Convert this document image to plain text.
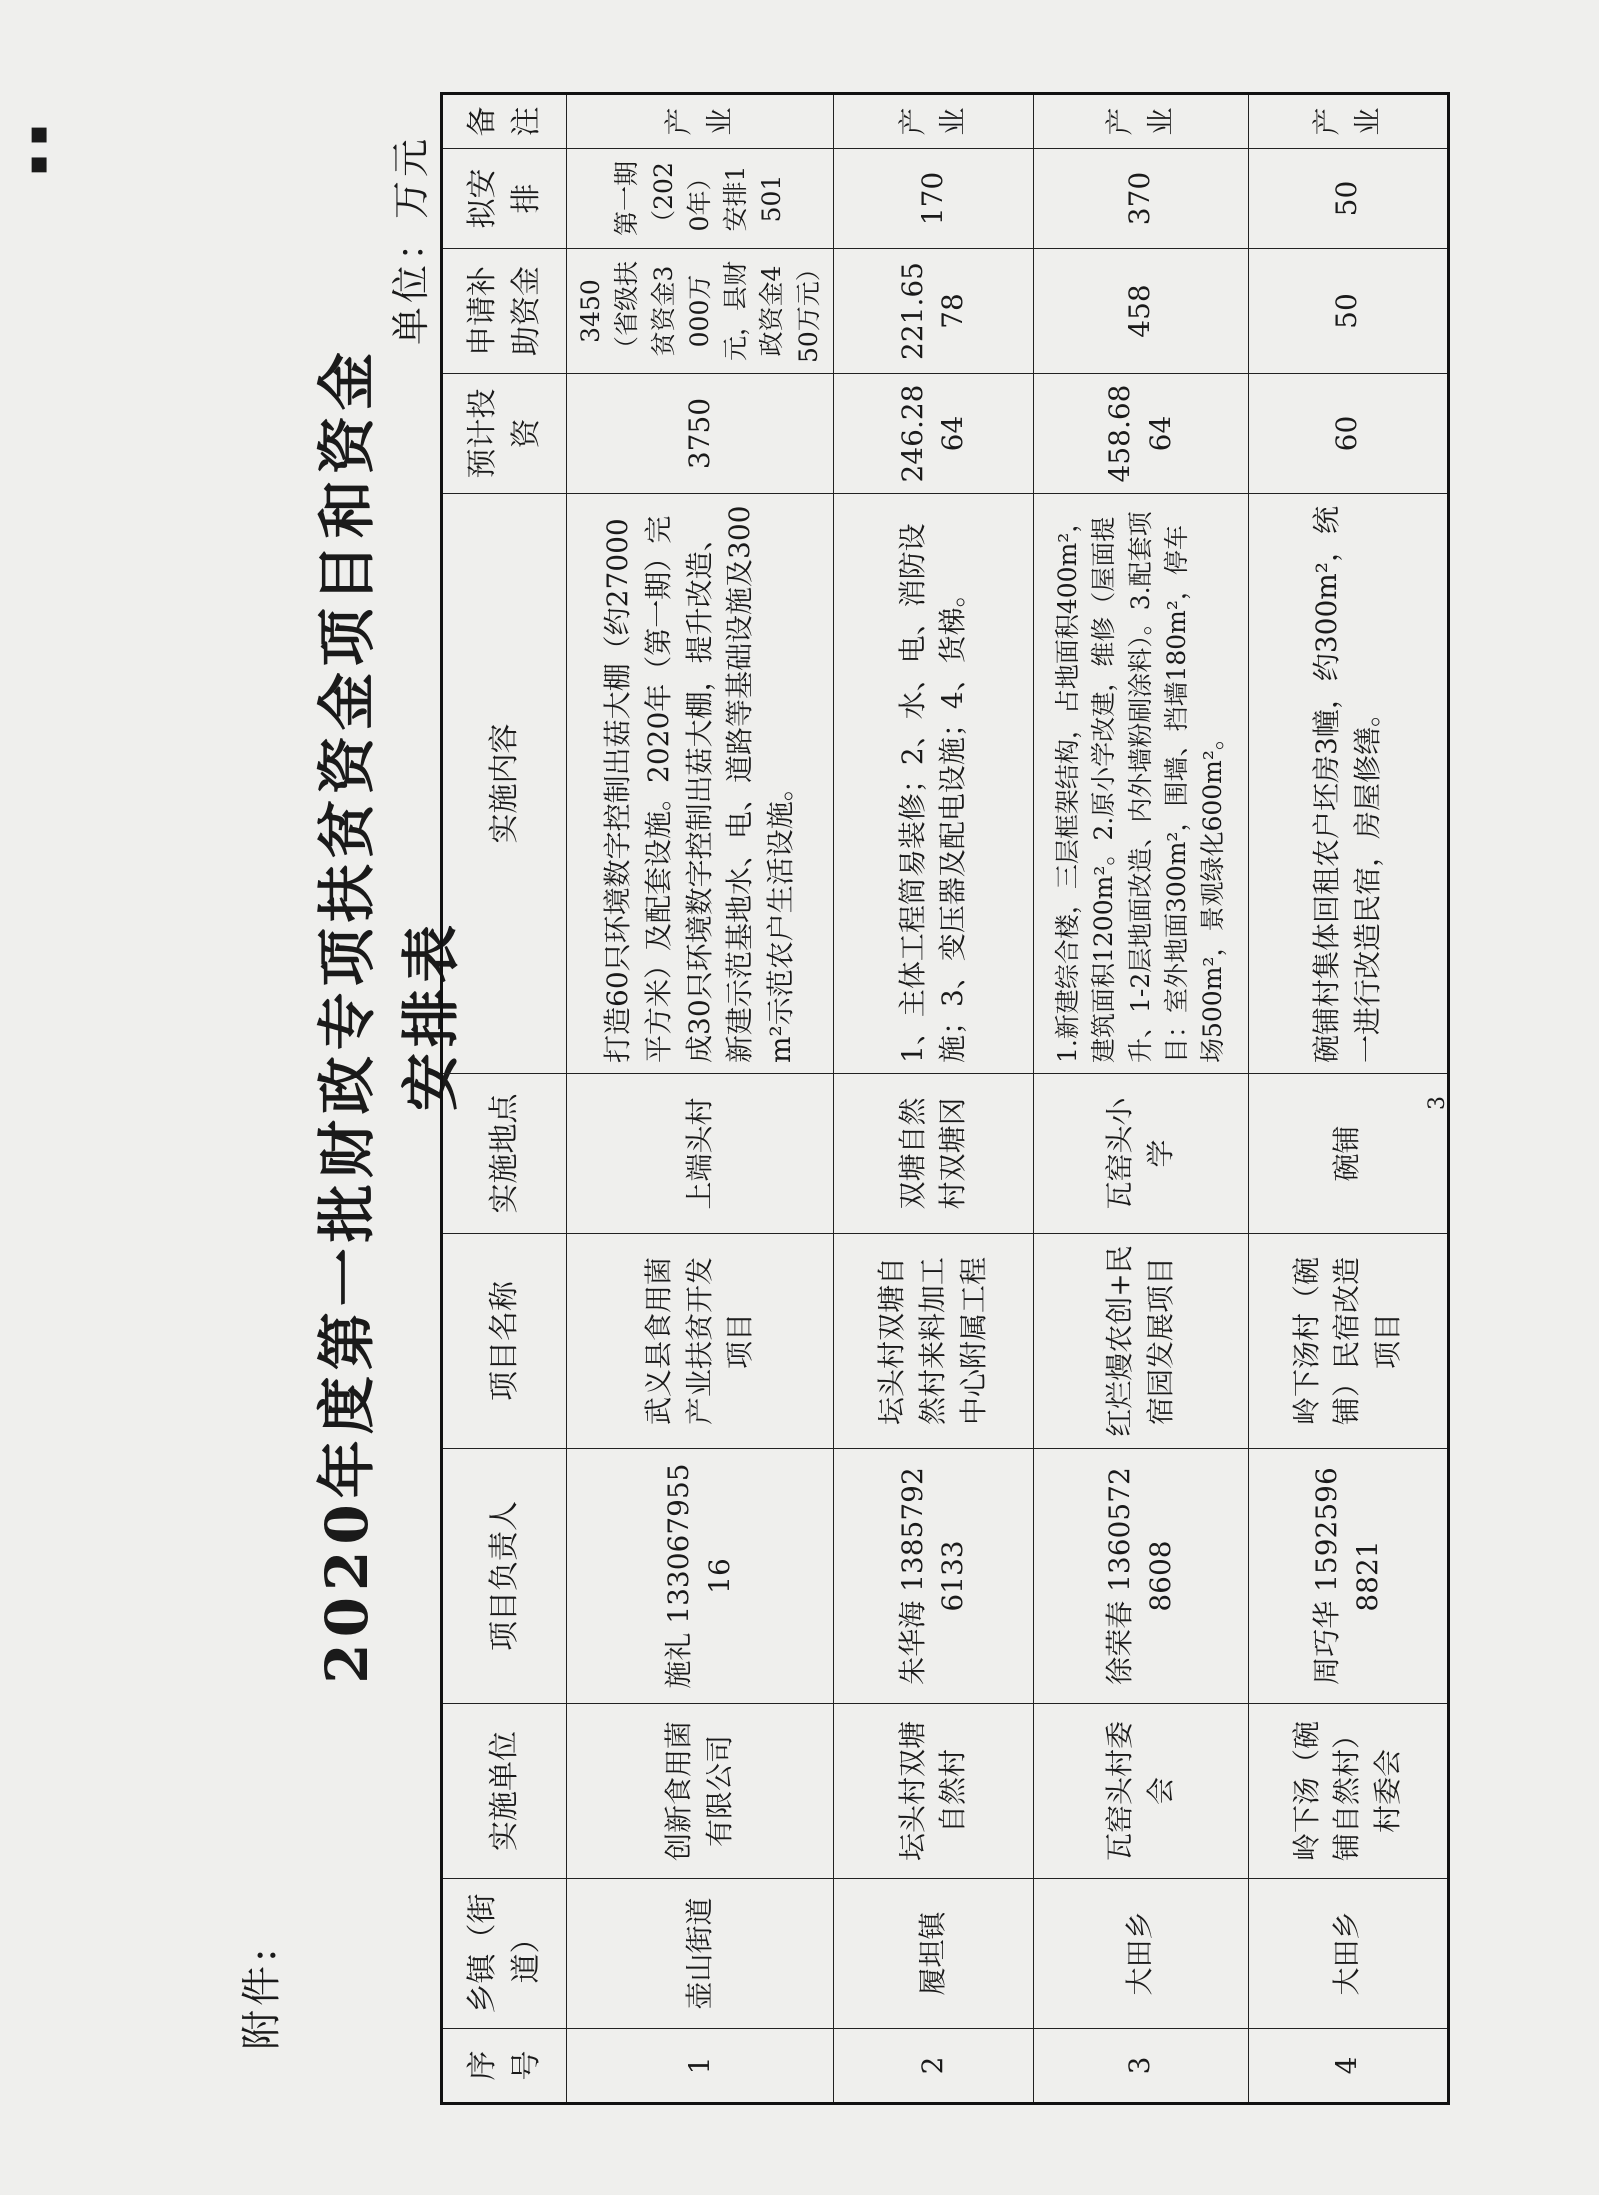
▪ ▪
附件:
2020年度第一批财政专项扶贫资金项目和资金安排表
单位：万元
序号	乡镇（街道）	实施单位	项目负责人	项目名称	实施地点	实施内容	预计投资	申请补助资金	拟安排	备注
1	壶山街道	创新食用菌有限公司	施礼 13306795516	武义县食用菌产业扶贫开发项目	上端头村	打造60只环境数字控制出菇大棚（约27000平方米）及配套设施。2020年（第一期）完成30只环境数字控制出菇大棚，提升改造、新建示范基地水、电、道路等基础设施及300m²示范农户生活设施。	3750	3450（省级扶贫资金3000万元，县财政资金450万元）	第一期（2020年）安排1501	产业
2	履坦镇	坛头村双塘自然村	朱华海 13857926133	坛头村双塘自然村来料加工中心附属工程	双塘自然村双塘冈	1、主体工程简易装修；2、水、电、消防设施；3、变压器及配电设施；4、货梯。	246.2864	221.6578	170	产业
3	大田乡	瓦窑头村委会	徐荣春 13605728608	红烂熳农创+民宿园发展项目	瓦窑头小学	1.新建综合楼，三层框架结构，占地面积400m²，建筑面积1200m²。2.原小学改建，维修（屋面提升、1-2层地面改造、内外墙粉刷涂料）。3.配套项目：室外地面300m²，围墙、挡墙180m²，停车场500m²，景观绿化600m²。	458.6864	458	370	产业
4	大田乡	岭下汤（碗铺自然村）村委会	周巧华 15925968821	岭下汤村（碗铺）民宿改造项目	碗铺	碗铺村集体回租农户坯房3幢，约300m²，统一进行改造民宿，房屋修缮。	60	50	50	产业
3
